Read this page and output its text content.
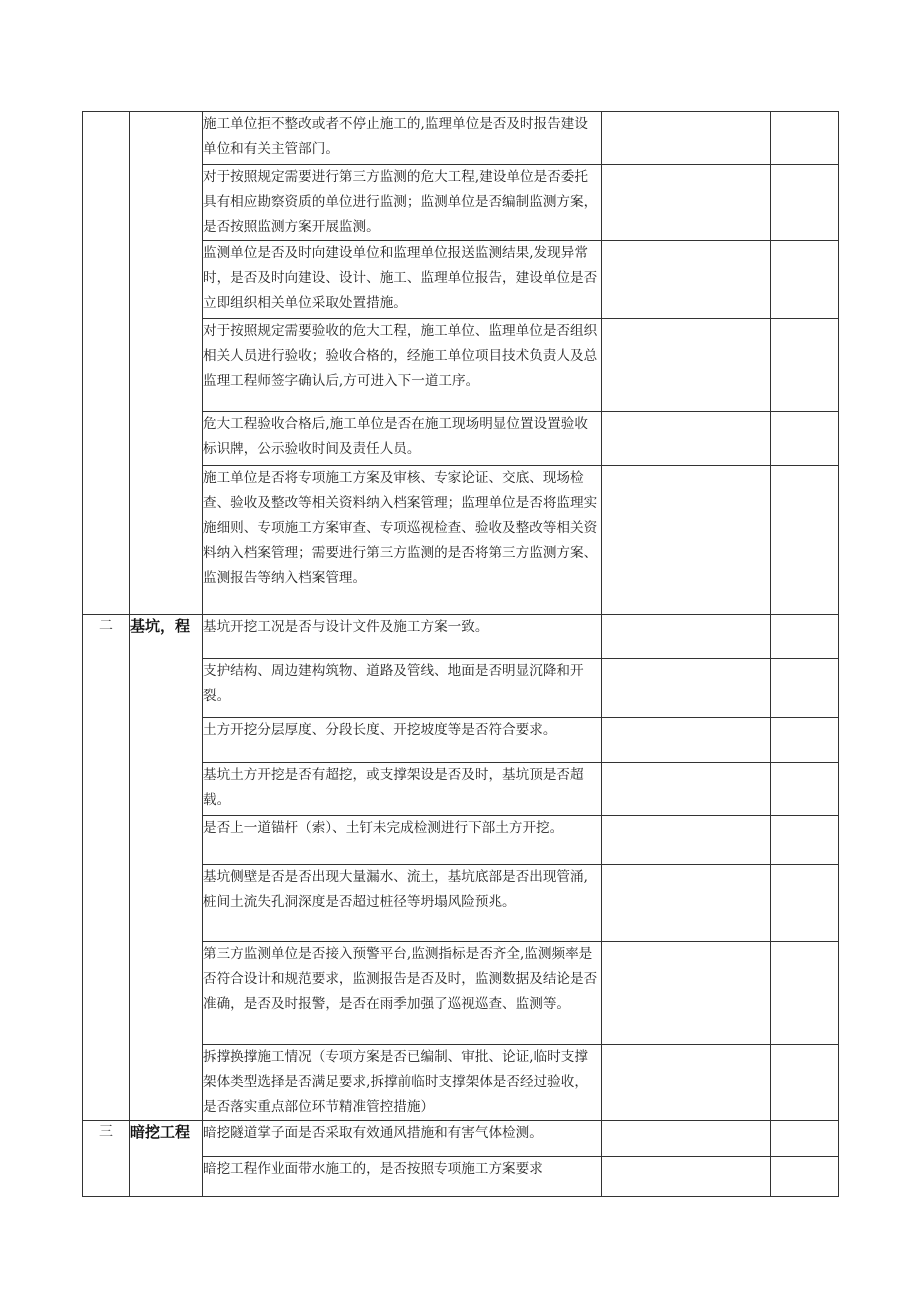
		施工单位拒不整改或者不停止施工的,监理单位是否及时报告建设单位和有关主管部门。		
		对于按照规定需要进行第三方监测的危大工程,建设单位是否委托具有相应勘察资质的单位进行监测；监测单位是否编制监测方案，是否按照监测方案开展监测。		
		监测单位是否及时向建设单位和监理单位报送监测结果,发现异常时，是否及时向建设、设计、施工、监理单位报告，建设单位是否立即组织相关单位采取处置措施。		
		对于按照规定需要验收的危大工程，施工单位、监理单位是否组织相关人员进行验收；验收合格的，经施工单位项目技术负责人及总监理工程师签字确认后,方可进入下一道工序。		
		危大工程验收合格后,施工单位是否在施工现场明显位置设置验收标识牌，公示验收时间及责任人员。		
		施工单位是否将专项施工方案及审核、专家论证、交底、现场检查、验收及整改等相关资料纳入档案管理；监理单位是否将监理实施细则、专项施工方案审查、专项巡视检查、验收及整改等相关资料纳入档案管理；需要进行第三方监测的是否将第三方监测方案、监测报告等纳入档案管理。		
二	基坑，程	基坑开挖工况是否与设计文件及施工方案一致。		
		支护结构、周边建构筑物、道路及管线、地面是否明显沉降和开裂。		
		土方开挖分层厚度、分段长度、开挖坡度等是否符合要求。		
		基坑土方开挖是否有超挖，或支撑架设是否及时，基坑顶是否超载。		
		是否上一道锚杆（索）、土钉未完成检测进行下部土方开挖。		
		基坑侧壁是否是否出现大量漏水、流土，基坑底部是否出现管涌,桩间土流失孔洞深度是否超过桩径等坍塌风险预兆。		
		第三方监测单位是否接入预警平台,监测指标是否齐全,监测频率是否符合设计和规范要求，监测报告是否及时，监测数据及结论是否准确，是否及时报警，是否在雨季加强了巡视巡查、监测等。		
		拆撑换撑施工情况（专项方案是否已编制、审批、论证,临时支撑架体类型选择是否满足要求,拆撑前临时支撑架体是否经过验收，是否落实重点部位环节精准管控措施）		
三	暗挖工程	暗挖隧道掌子面是否采取有效通风措施和有害气体检测。		
		暗挖工程作业面带水施工的，是否按照专项施工方案要求		
